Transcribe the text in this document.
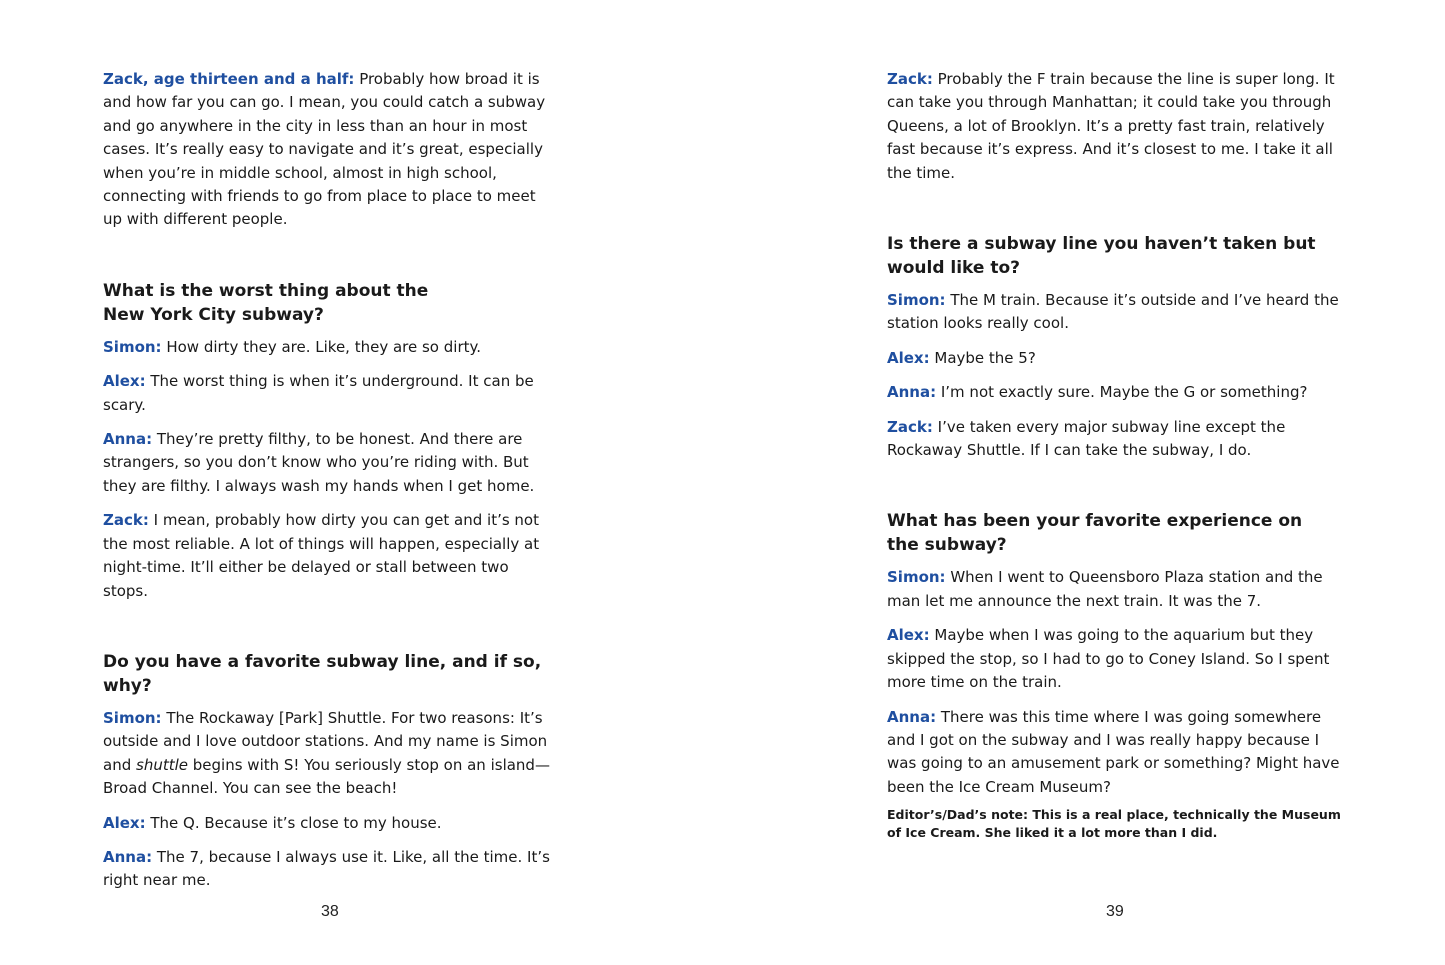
Zack, age thirteen and a half: Probably how broad it is and how far you can go. I mean, you could catch a subway and go anywhere in the city in less than an hour in most cases. It’s really easy to navigate and it’s great, especially when you’re in middle school, almost in high school, connecting with friends to go from place to place to meet up with different people.

What is the worst thing about the
New York City subway?

Simon: How dirty they are. Like, they are so dirty.

Alex: The worst thing is when it’s underground. It can be scary.

Anna: They’re pretty filthy, to be honest. And there are strangers, so you don’t know who you’re riding with. But they are filthy. I always wash my hands when I get home.

Zack: I mean, probably how dirty you can get and it’s not the most reliable. A lot of things will happen, especially at night-time. It’ll either be delayed or stall between two stops.

Do you have a favorite subway line, and if so, why?

Simon: The Rockaway [Park] Shuttle. For two reasons: It’s outside and I love outdoor stations. And my name is Simon and shuttle begins with S! You seriously stop on an island—Broad Channel. You can see the beach!

Alex: The Q. Because it’s close to my house.

Anna: The 7, because I always use it. Like, all the time. It’s right near me.

38

Zack: Probably the F train because the line is super long. It can take you through Manhattan; it could take you through Queens, a lot of Brooklyn. It’s a pretty fast train, relatively fast because it’s express. And it’s closest to me. I take it all the time.

Is there a subway line you haven’t taken but would like to?

Simon: The M train. Because it’s outside and I’ve heard the station looks really cool.

Alex: Maybe the 5?

Anna: I’m not exactly sure. Maybe the G or something?

Zack: I’ve taken every major subway line except the Rockaway Shuttle. If I can take the subway, I do.

What has been your favorite experience on
the subway?

Simon: When I went to Queensboro Plaza station and the man let me announce the next train. It was the 7.

Alex: Maybe when I was going to the aquarium but they skipped the stop, so I had to go to Coney Island. So I spent more time on the train.

Anna: There was this time where I was going somewhere and I got on the subway and I was really happy because I was going to an amusement park or something? Might have been the Ice Cream Museum?

Editor’s/Dad’s note: This is a real place, technically the Museum of Ice Cream. She liked it a lot more than I did.

39
